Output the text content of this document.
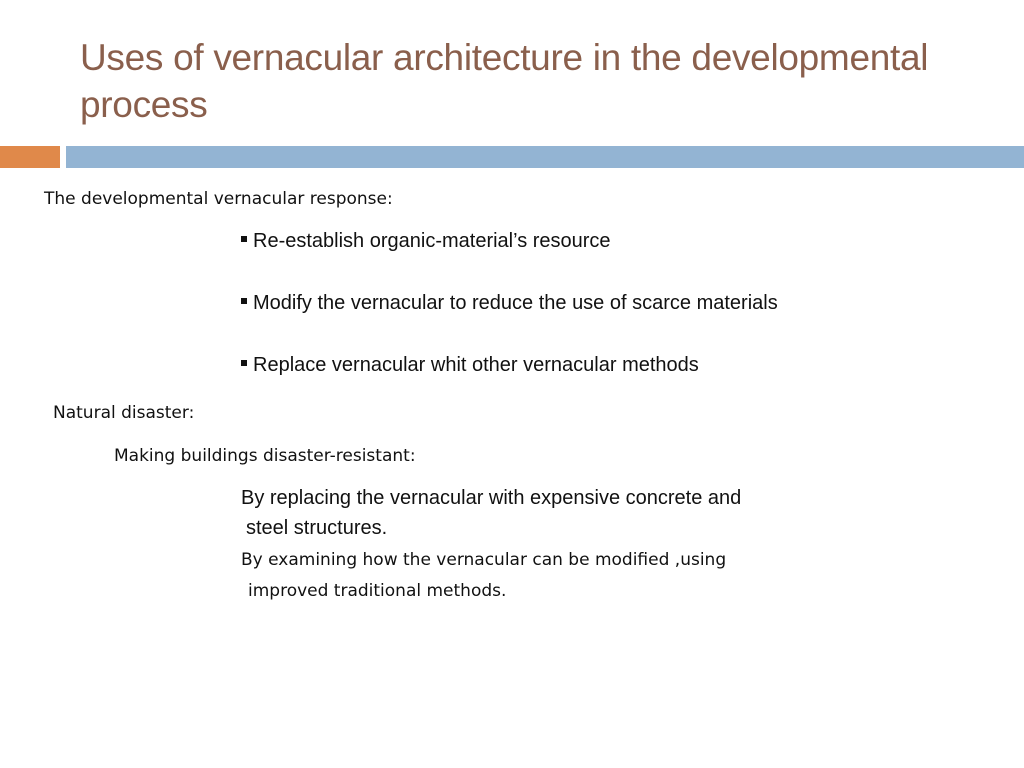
Uses of vernacular architecture in the developmental process
The developmental vernacular response:
Re-establish organic-material’s resource
Modify the vernacular to reduce the use of scarce materials
Replace vernacular whit other vernacular methods
Natural disaster:
Making buildings disaster-resistant:
By replacing the vernacular with expensive concrete and
steel structures.
By examining how the vernacular can be modified ,using
improved traditional methods.
